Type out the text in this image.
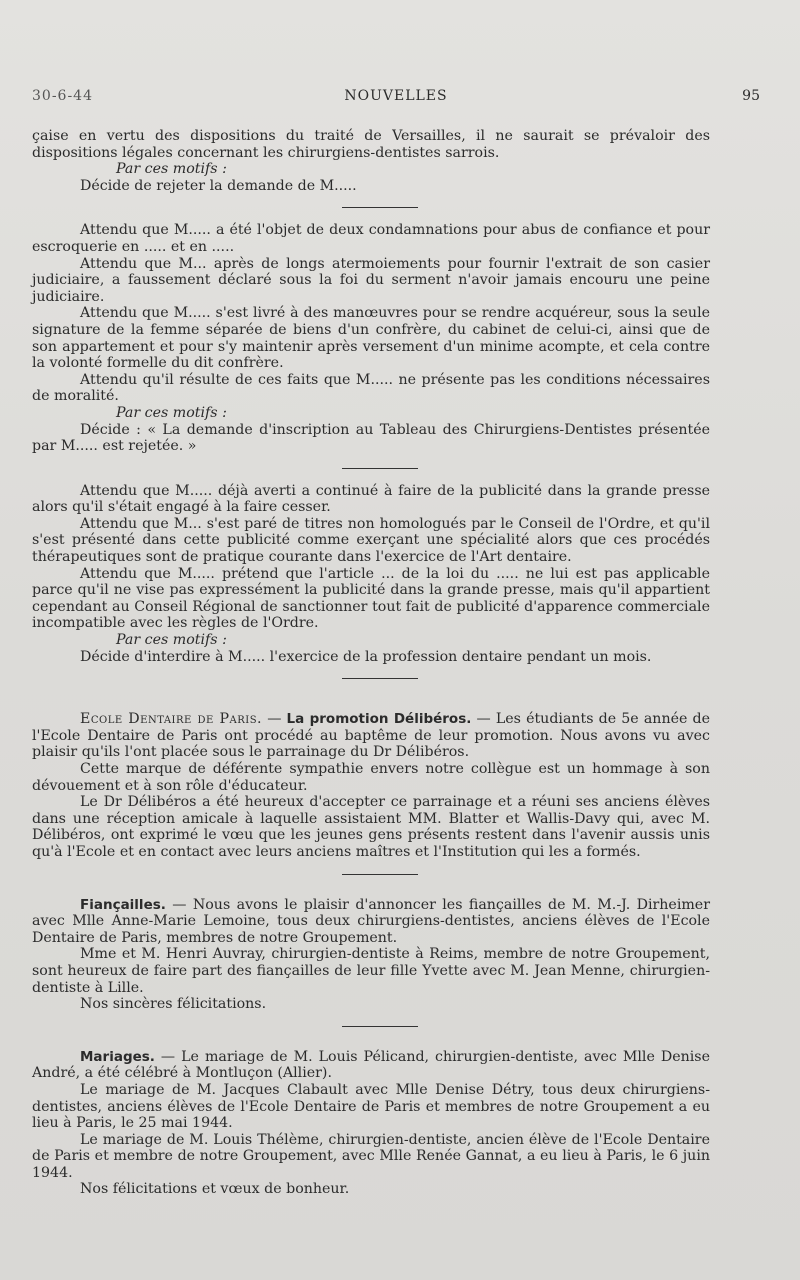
30-6-44	NOUVELLES	95

çaise en vertu des dispositions du traité de Versailles, il ne saurait se prévaloir des dispositions légales concernant les chirurgiens-dentistes sarrois.

Par ces motifs :

Décide de rejeter la demande de M.....

Attendu que M..... a été l'objet de deux condamnations pour abus de confiance et pour escroquerie en ..... et en .....

Attendu que M... après de longs atermoiements pour fournir l'extrait de son casier judiciaire, a faussement déclaré sous la foi du serment n'avoir jamais encouru une peine judiciaire.

Attendu que M..... s'est livré à des manœuvres pour se rendre acquéreur, sous la seule signature de la femme séparée de biens d'un confrère, du cabinet de celui-ci, ainsi que de son appartement et pour s'y maintenir après versement d'un minime acompte, et cela contre la volonté formelle du dit confrère.

Attendu qu'il résulte de ces faits que M..... ne présente pas les conditions nécessaires de moralité.

Par ces motifs :

Décide : « La demande d'inscription au Tableau des Chirurgiens-Dentistes présentée par M..... est rejetée. »

Attendu que M..... déjà averti a continué à faire de la publicité dans la grande presse alors qu'il s'était engagé à la faire cesser.

Attendu que M... s'est paré de titres non homologués par le Conseil de l'Ordre, et qu'il s'est présenté dans cette publicité comme exerçant une spécialité alors que ces procédés thérapeutiques sont de pratique courante dans l'exercice de l'Art dentaire.

Attendu que M..... prétend que l'article ... de la loi du ..... ne lui est pas applicable parce qu'il ne vise pas expressément la publicité dans la grande presse, mais qu'il appartient cependant au Conseil Régional de sanctionner tout fait de publicité d'apparence commerciale incompatible avec les règles de l'Ordre.

Par ces motifs :

Décide d'interdire à M..... l'exercice de la profession dentaire pendant un mois.

Ecole Dentaire de Paris. — La promotion Délibéros. — Les étudiants de 5e année de l'Ecole Dentaire de Paris ont procédé au baptême de leur promotion. Nous avons vu avec plaisir qu'ils l'ont placée sous le parrainage du Dr Délibéros.

Cette marque de déférente sympathie envers notre collègue est un hommage à son dévouement et à son rôle d'éducateur.

Le Dr Délibéros a été heureux d'accepter ce parrainage et a réuni ses anciens élèves dans une réception amicale à laquelle assistaient MM. Blatter et Wallis-Davy qui, avec M. Délibéros, ont exprimé le vœu que les jeunes gens présents restent dans l'avenir aussis unis qu'à l'Ecole et en contact avec leurs anciens maîtres et l'Institution qui les a formés.

Fiançailles. — Nous avons le plaisir d'annoncer les fiançailles de M. M.-J. Dirheimer avec Mlle Anne-Marie Lemoine, tous deux chirurgiens-dentistes, anciens élèves de l'Ecole Dentaire de Paris, membres de notre Groupement.

Mme et M. Henri Auvray, chirurgien-dentiste à Reims, membre de notre Groupement, sont heureux de faire part des fiançailles de leur fille Yvette avec M. Jean Menne, chirurgien-dentiste à Lille.

Nos sincères félicitations.

Mariages. — Le mariage de M. Louis Pélicand, chirurgien-dentiste, avec Mlle Denise André, a été célébré à Montluçon (Allier).

Le mariage de M. Jacques Clabault avec Mlle Denise Détry, tous deux chirurgiens-dentistes, anciens élèves de l'Ecole Dentaire de Paris et membres de notre Groupement a eu lieu à Paris, le 25 mai 1944.

Le mariage de M. Louis Thélème, chirurgien-dentiste, ancien élève de l'Ecole Dentaire de Paris et membre de notre Groupement, avec Mlle Renée Gannat, a eu lieu à Paris, le 6 juin 1944.

Nos félicitations et vœux de bonheur.
